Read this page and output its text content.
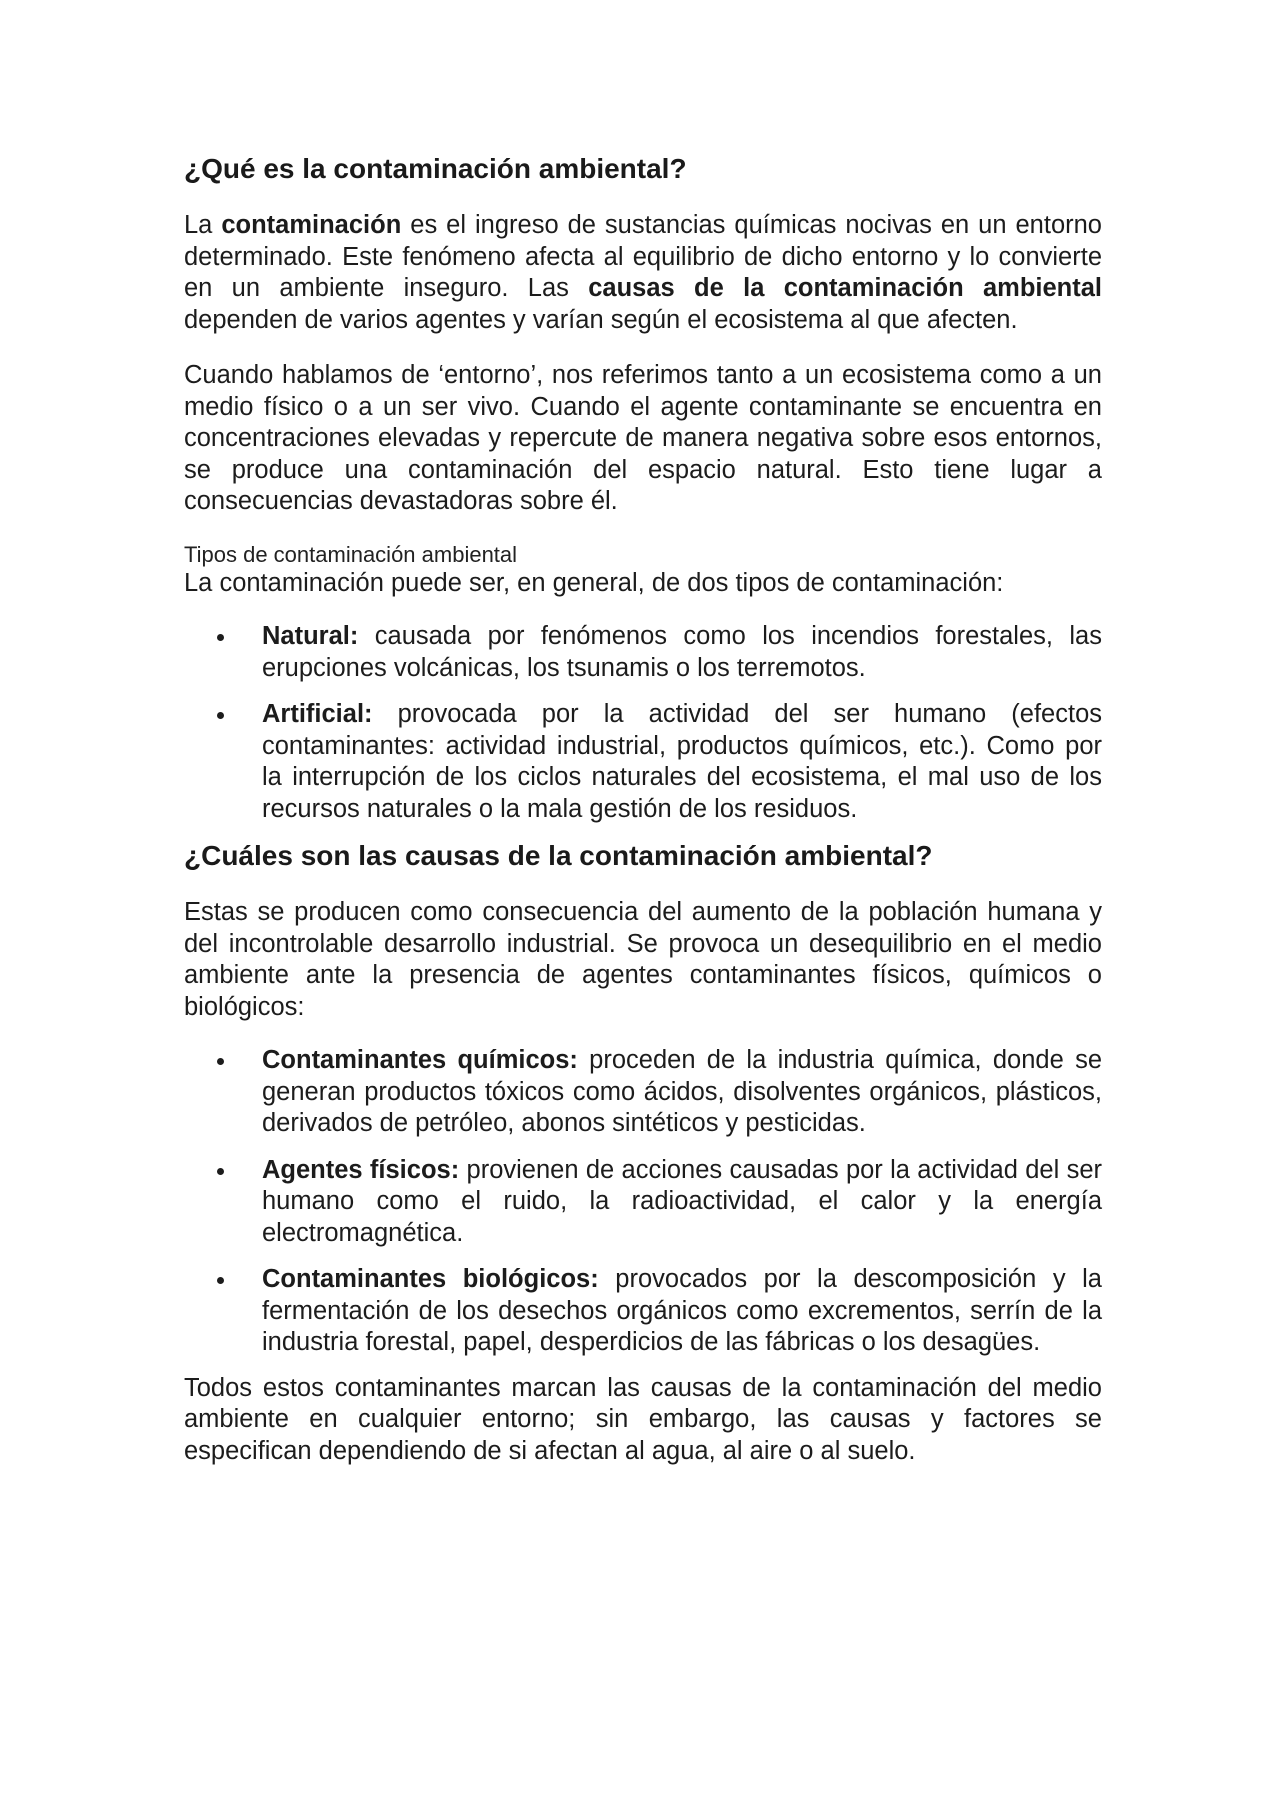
¿Qué es la contaminación ambiental?

La contaminación es el ingreso de sustancias químicas nocivas en un entorno determinado. Este fenómeno afecta al equilibrio de dicho entorno y lo convierte en un ambiente inseguro. Las causas de la contaminación ambiental dependen de varios agentes y varían según el ecosistema al que afecten.

Cuando hablamos de ‘entorno’, nos referimos tanto a un ecosistema como a un medio físico o a un ser vivo. Cuando el agente contaminante se encuentra en concentraciones elevadas y repercute de manera negativa sobre esos entornos, se produce una contaminación del espacio natural. Esto tiene lugar a consecuencias devastadoras sobre él.

Tipos de contaminación ambiental

La contaminación puede ser, en general, de dos tipos de contaminación:

Natural: causada por fenómenos como los incendios forestales, las erupciones volcánicas, los tsunamis o los terremotos.
Artificial: provocada por la actividad del ser humano (efectos contaminantes: actividad industrial, productos químicos, etc.). Como por la interrupción de los ciclos naturales del ecosistema, el mal uso de los recursos naturales o la mala gestión de los residuos.
¿Cuáles son las causas de la contaminación ambiental?

Estas se producen como consecuencia del aumento de la población humana y del incontrolable desarrollo industrial. Se provoca un desequilibrio en el medio ambiente ante la presencia de agentes contaminantes físicos, químicos o biológicos:

Contaminantes químicos: proceden de la industria química, donde se generan productos tóxicos como ácidos, disolventes orgánicos, plásticos, derivados de petróleo, abonos sintéticos y pesticidas.
Agentes físicos: provienen de acciones causadas por la actividad del ser humano como el ruido, la radioactividad, el calor y la energía electromagnética.
Contaminantes biológicos: provocados por la descomposición y la fermentación de los desechos orgánicos como excrementos, serrín de la industria forestal, papel, desperdicios de las fábricas o los desagües.

Todos estos contaminantes marcan las causas de la contaminación del medio ambiente en cualquier entorno; sin embargo, las causas y factores se especifican dependiendo de si afectan al agua, al aire o al suelo.
